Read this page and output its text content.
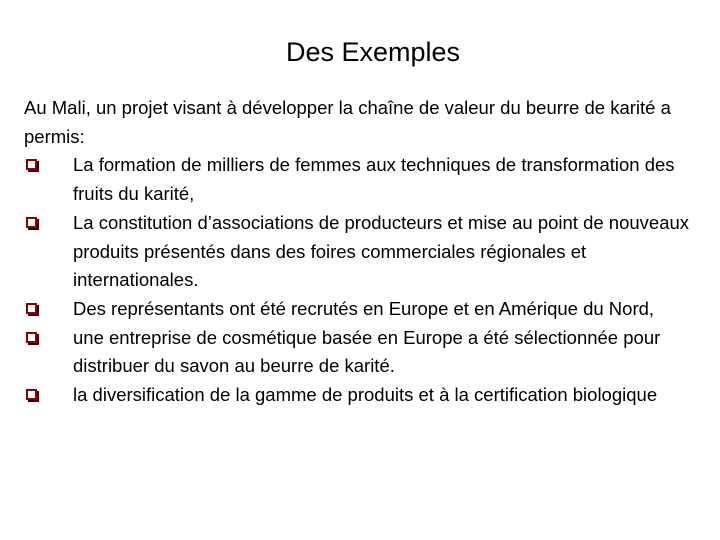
Des Exemples

Au Mali, un projet visant à développer la chaîne de valeur du beurre de karité a permis:

La formation de milliers de femmes aux techniques de transformation des fruits du karité,
La constitution d’associations de producteurs et mise au point de nouveaux produits présentés dans des foires commerciales régionales et internationales.
Des représentants ont été recrutés en Europe et en Amérique du Nord,
une entreprise de cosmétique basée en Europe a été sélectionnée pour distribuer du savon au beurre de karité.
la diversification de la gamme de produits et à la certification biologique
